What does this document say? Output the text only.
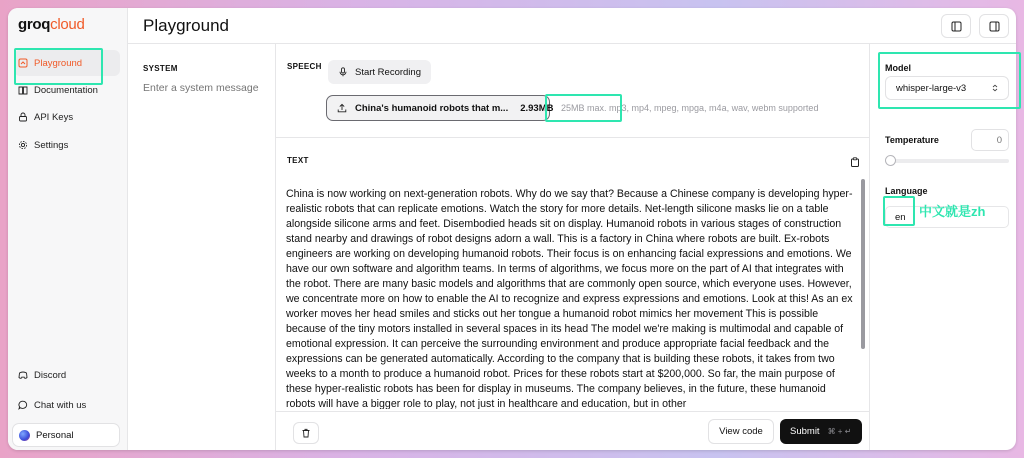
groqcloud
Playground
Documentation
API Keys
Settings
Discord
Chat with us
Personal
Playground
SYSTEM
Enter a system message	SPEECH	Start Recording
China's humanoid robots that m... 2.93MB 25MB max. mp3, mp4, mpeg, mpga, m4a, wav, webm supported
TEXT
China is now working on next-generation robots. Why do we say that? Because a Chinese company is developing hyper-realistic robots that can replicate emotions. Watch the story for more details. Net-length silicone masks lie on a table alongside silicone arms and feet. Disembodied heads sit on display. Humanoid robots in various stages of construction stand nearby and drawings of robot designs adorn a wall. This is a factory in China where robots are built. Ex-robots engineers are working on developing humanoid robots. Their focus is on enhancing facial expressions and emotions. We have our own software and algorithm teams. In terms of algorithms, we focus more on the part of AI that integrates with the robot. There are many basic models and algorithms that are commonly open source, which everyone uses. However, we concentrate more on how to enable the AI to recognize and express expressions and emotions. Look at this! As an ex worker moves her head smiles and sticks out her tongue a humanoid robot mimics her movement This is possible because of the tiny motors installed in several spaces in its head The model we're making is multimodal and capable of emotional expression. It can perceive the surrounding environment and produce appropriate facial feedback and the expressions can be generated automatically. According to the company that is building these robots, it takes from two weeks to a month to produce a humanoid robot. Prices for these robots start at $200,000. So far, the main purpose of these hyper-realistic robots has been for display in museums. The company believes, in the future, these humanoid robots will have a bigger role to play, not just in healthcare and education, but in other
View code	Submit ⌘ + ↵
Model
whisper-large-v3
Temperature	0
Language
en	中文就是zh
